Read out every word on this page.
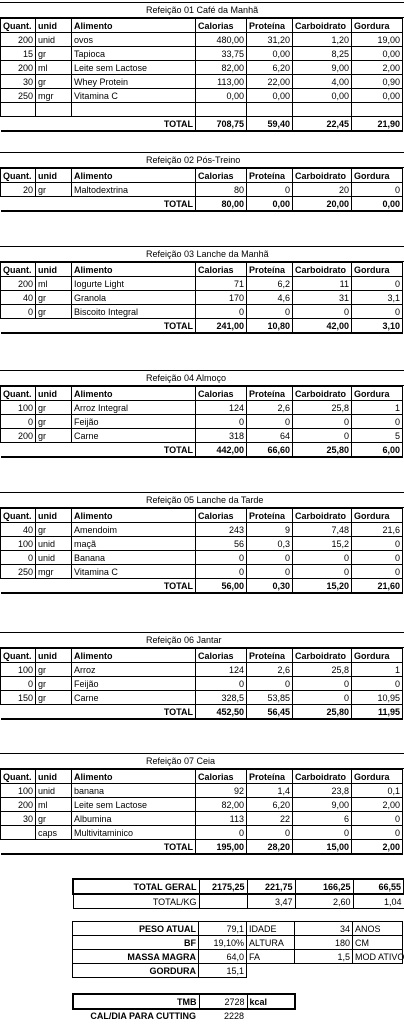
Refeição 01 Café da Manhã
Quant.	unid	Alimento	Calorias	Proteína	Carboidrato	Gordura
200	unid	ovos	480,00	31,20	1,20	19,00
15	gr	Tapioca	33,75	0,00	8,25	0,00
200	ml	Leite sem Lactose	82,00	6,20	9,00	2,00
30	gr	Whey Protein	113,00	22,00	4,00	0,90
250	mgr	Vitamina C	0,00	0,00	0,00	0,00

		TOTAL	708,75	59,40	22,45	21,90
Refeição 02 Pós-Treino
Quant.	unid	Alimento	Calorias	Proteína	Carboidrato	Gordura
20	gr	Maltodextrina	80	0	20	0
		TOTAL	80,00	0,00	20,00	0,00
Refeição 03 Lanche da Manhã
Quant.	unid	Alimento	Calorias	Proteína	Carboidrato	Gordura
200	ml	Iogurte Light	71	6,2	11	0
40	gr	Granola	170	4,6	31	3,1
0	gr	Biscoito Integral	0	0	0	0
		TOTAL	241,00	10,80	42,00	3,10
Refeição 04 Almoço
Quant.	unid	Alimento	Calorias	Proteína	Carboidrato	Gordura
100	gr	Arroz Integral	124	2,6	25,8	1
0	gr	Feijão	0	0	0	0
200	gr	Carne	318	64	0	5
		TOTAL	442,00	66,60	25,80	6,00
Refeição 05 Lanche da Tarde
Quant.	unid	Alimento	Calorias	Proteína	Carboidrato	Gordura
40	gr	Amendoim	243	9	7,48	21,6
100	unid	maçã	56	0,3	15,2	0
0	unid	Banana	0	0	0	0
250	mgr	Vitamina C	0	0	0	0
		TOTAL	56,00	0,30	15,20	21,60
Refeição 06 Jantar
Quant.	unid	Alimento	Calorias	Proteína	Carboidrato	Gordura
100	gr	Arroz	124	2,6	25,8	1
0	gr	Feijão	0	0	0	0
150	gr	Carne	328,5	53,85	0	10,95
		TOTAL	452,50	56,45	25,80	11,95
Refeição 07 Ceia
Quant.	unid	Alimento	Calorias	Proteína	Carboidrato	Gordura
100	unid	banana	92	1,4	23,8	0,1
200	ml	Leite sem Lactose	82,00	6,20	9,00	2,00
30	gr	Albumina	113	22	6	0
	caps	Multivitaminico	0	0	0	0
		TOTAL	195,00	28,20	15,00	2,00
TOTAL GERAL	2175,25	221,75	166,25	66,55
TOTAL/KG		3,47	2,60	1,04
PESO ATUAL	79,1	IDADE	34	ANOS
BF	19,10%	ALTURA	180	CM
MASSA MAGRA	64,0	FA	1,5	MOD ATIVO
GORDURA	15,1			
TMB	2728	kcal
CAL/DIA PARA CUTTING	2228
